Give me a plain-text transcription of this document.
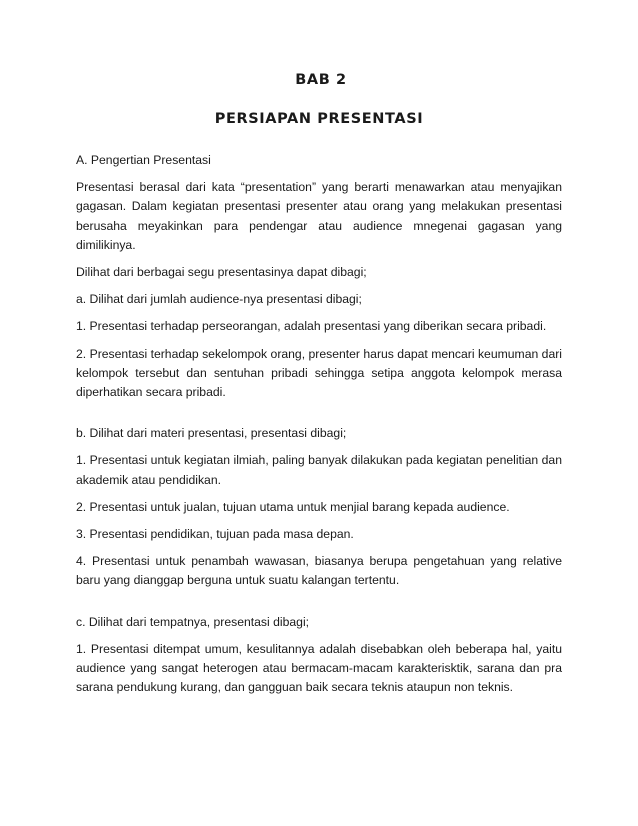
BAB 2
PERSIAPAN PRESENTASI

A. Pengertian Presentasi

Presentasi berasal dari kata “presentation” yang berarti menawarkan atau menyajikan gagasan. Dalam kegiatan presentasi presenter atau orang yang melakukan presentasi berusaha meyakinkan para pendengar atau audience mnegenai gagasan yang dimilikinya.

Dilihat dari berbagai segu presentasinya dapat dibagi;

a. Dilihat dari jumlah audience-nya presentasi dibagi;

1. Presentasi terhadap perseorangan, adalah presentasi yang diberikan secara pribadi.

2. Presentasi terhadap sekelompok orang, presenter harus dapat mencari keumuman dari kelompok tersebut dan sentuhan pribadi sehingga setipa anggota kelompok merasa diperhatikan secara pribadi.

b. Dilihat dari materi presentasi, presentasi dibagi;

1. Presentasi untuk kegiatan ilmiah, paling banyak dilakukan pada kegiatan penelitian dan akademik atau pendidikan.

2. Presentasi untuk jualan, tujuan utama untuk menjial barang kepada audience.

3. Presentasi pendidikan, tujuan pada masa depan.

4. Presentasi untuk penambah wawasan, biasanya berupa pengetahuan yang relative baru yang dianggap berguna untuk suatu kalangan tertentu.

c. Dilihat dari tempatnya, presentasi dibagi;

1. Presentasi ditempat umum, kesulitannya adalah disebabkan oleh beberapa hal, yaitu audience yang sangat heterogen atau bermacam-macam karakterisktik, sarana dan pra sarana pendukung kurang, dan gangguan baik secara teknis ataupun non teknis.
